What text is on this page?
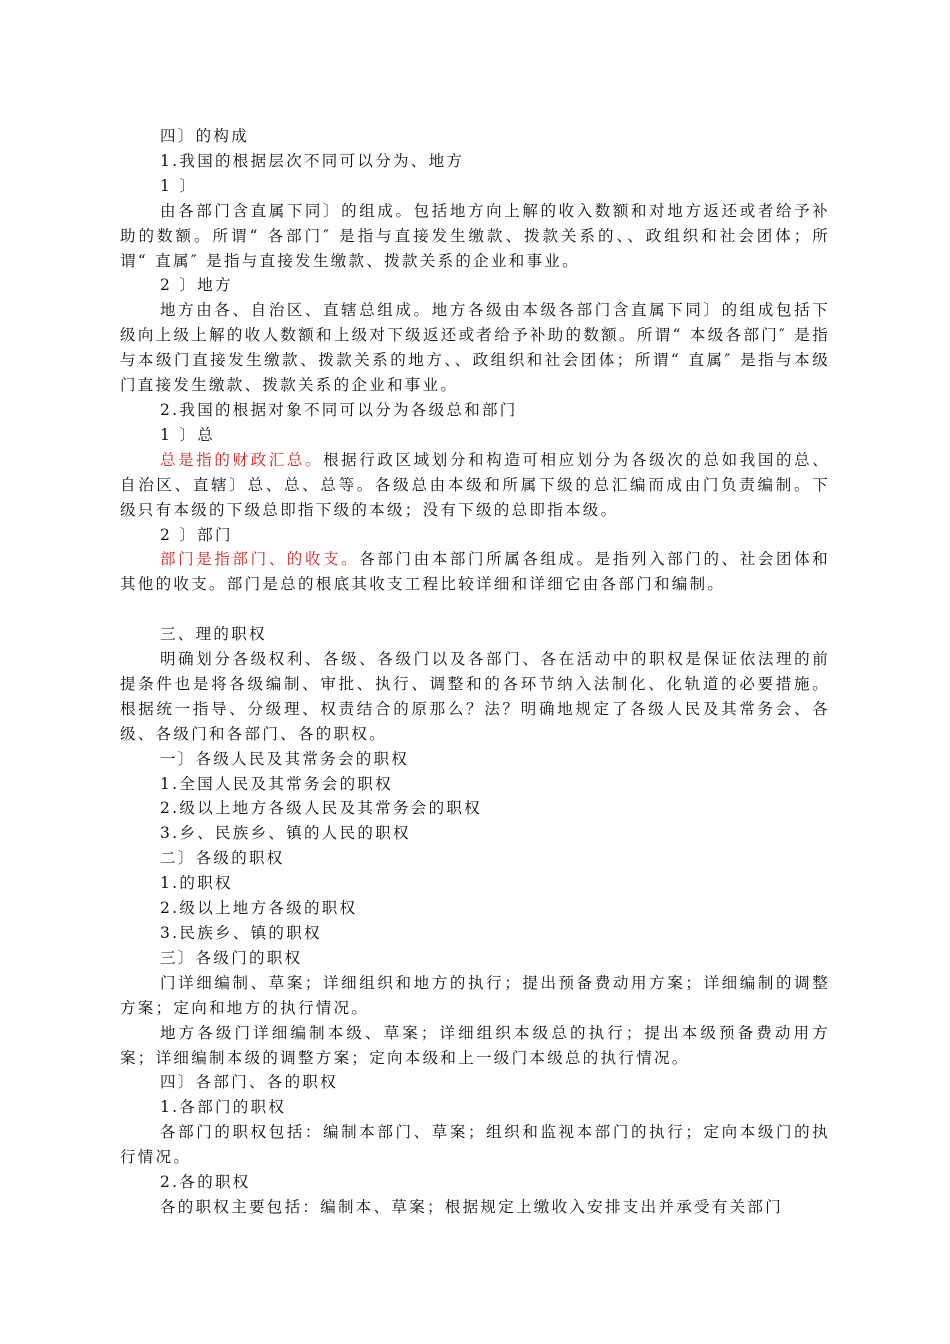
四〕的构成

1.我国的根据层次不同可以分为、地方

1 〕

由各部门含直属下同〕的组成。包括地方向上解的收入数额和对地方返还或者给予补助的数额。所谓“ 各部门″ 是指与直接发生缴款、拨款关系的、、政组织和社会团体；所谓“ 直属″ 是指与直接发生缴款、拨款关系的企业和事业。

2 〕地方

地方由各、自治区、直辖总组成。地方各级由本级各部门含直属下同〕的组成包括下级向上级上解的收人数额和上级对下级返还或者给予补助的数额。所谓“ 本级各部门″ 是指与本级门直接发生缴款、拨款关系的地方、、政组织和社会团体；所谓“ 直属″ 是指与本级门直接发生缴款、拨款关系的企业和事业。

2.我国的根据对象不同可以分为各级总和部门

1 〕总

总是指的财政汇总。根据行政区域划分和构造可相应划分为各级次的总如我国的总、自治区、直辖〕总、总、总等。各级总由本级和所属下级的总汇编而成由门负责编制。下级只有本级的下级总即指下级的本级；没有下级的总即指本级。

2 〕部门

部门是指部门、的收支。各部门由本部门所属各组成。是指列入部门的、社会团体和其他的收支。部门是总的根底其收支工程比较详细和详细它由各部门和编制。

三、理的职权

明确划分各级权利、各级、各级门以及各部门、各在活动中的职权是保证依法理的前提条件也是将各级编制、审批、执行、调整和的各环节纳入法制化、化轨道的必要措施。根据统一指导、分级理、权责结合的原那么？法？明确地规定了各级人民及其常务会、各级、各级门和各部门、各的职权。

一〕各级人民及其常务会的职权

1.全国人民及其常务会的职权

2.级以上地方各级人民及其常务会的职权

3.乡、民族乡、镇的人民的职权

二〕各级的职权

1.的职权

2.级以上地方各级的职权

3.民族乡、镇的职权

三〕各级门的职权

门详细编制、草案；详细组织和地方的执行；提出预备费动用方案；详细编制的调整方案；定向和地方的执行情况。

地方各级门详细编制本级、草案；详细组织本级总的执行；提出本级预备费动用方案；详细编制本级的调整方案；定向本级和上一级门本级总的执行情况。

四〕各部门、各的职权

1.各部门的职权

各部门的职权包括：编制本部门、草案；组织和监视本部门的执行；定向本级门的执行情况。

2.各的职权

各的职权主要包括：编制本、草案；根据规定上缴收入安排支出并承受有关部门
